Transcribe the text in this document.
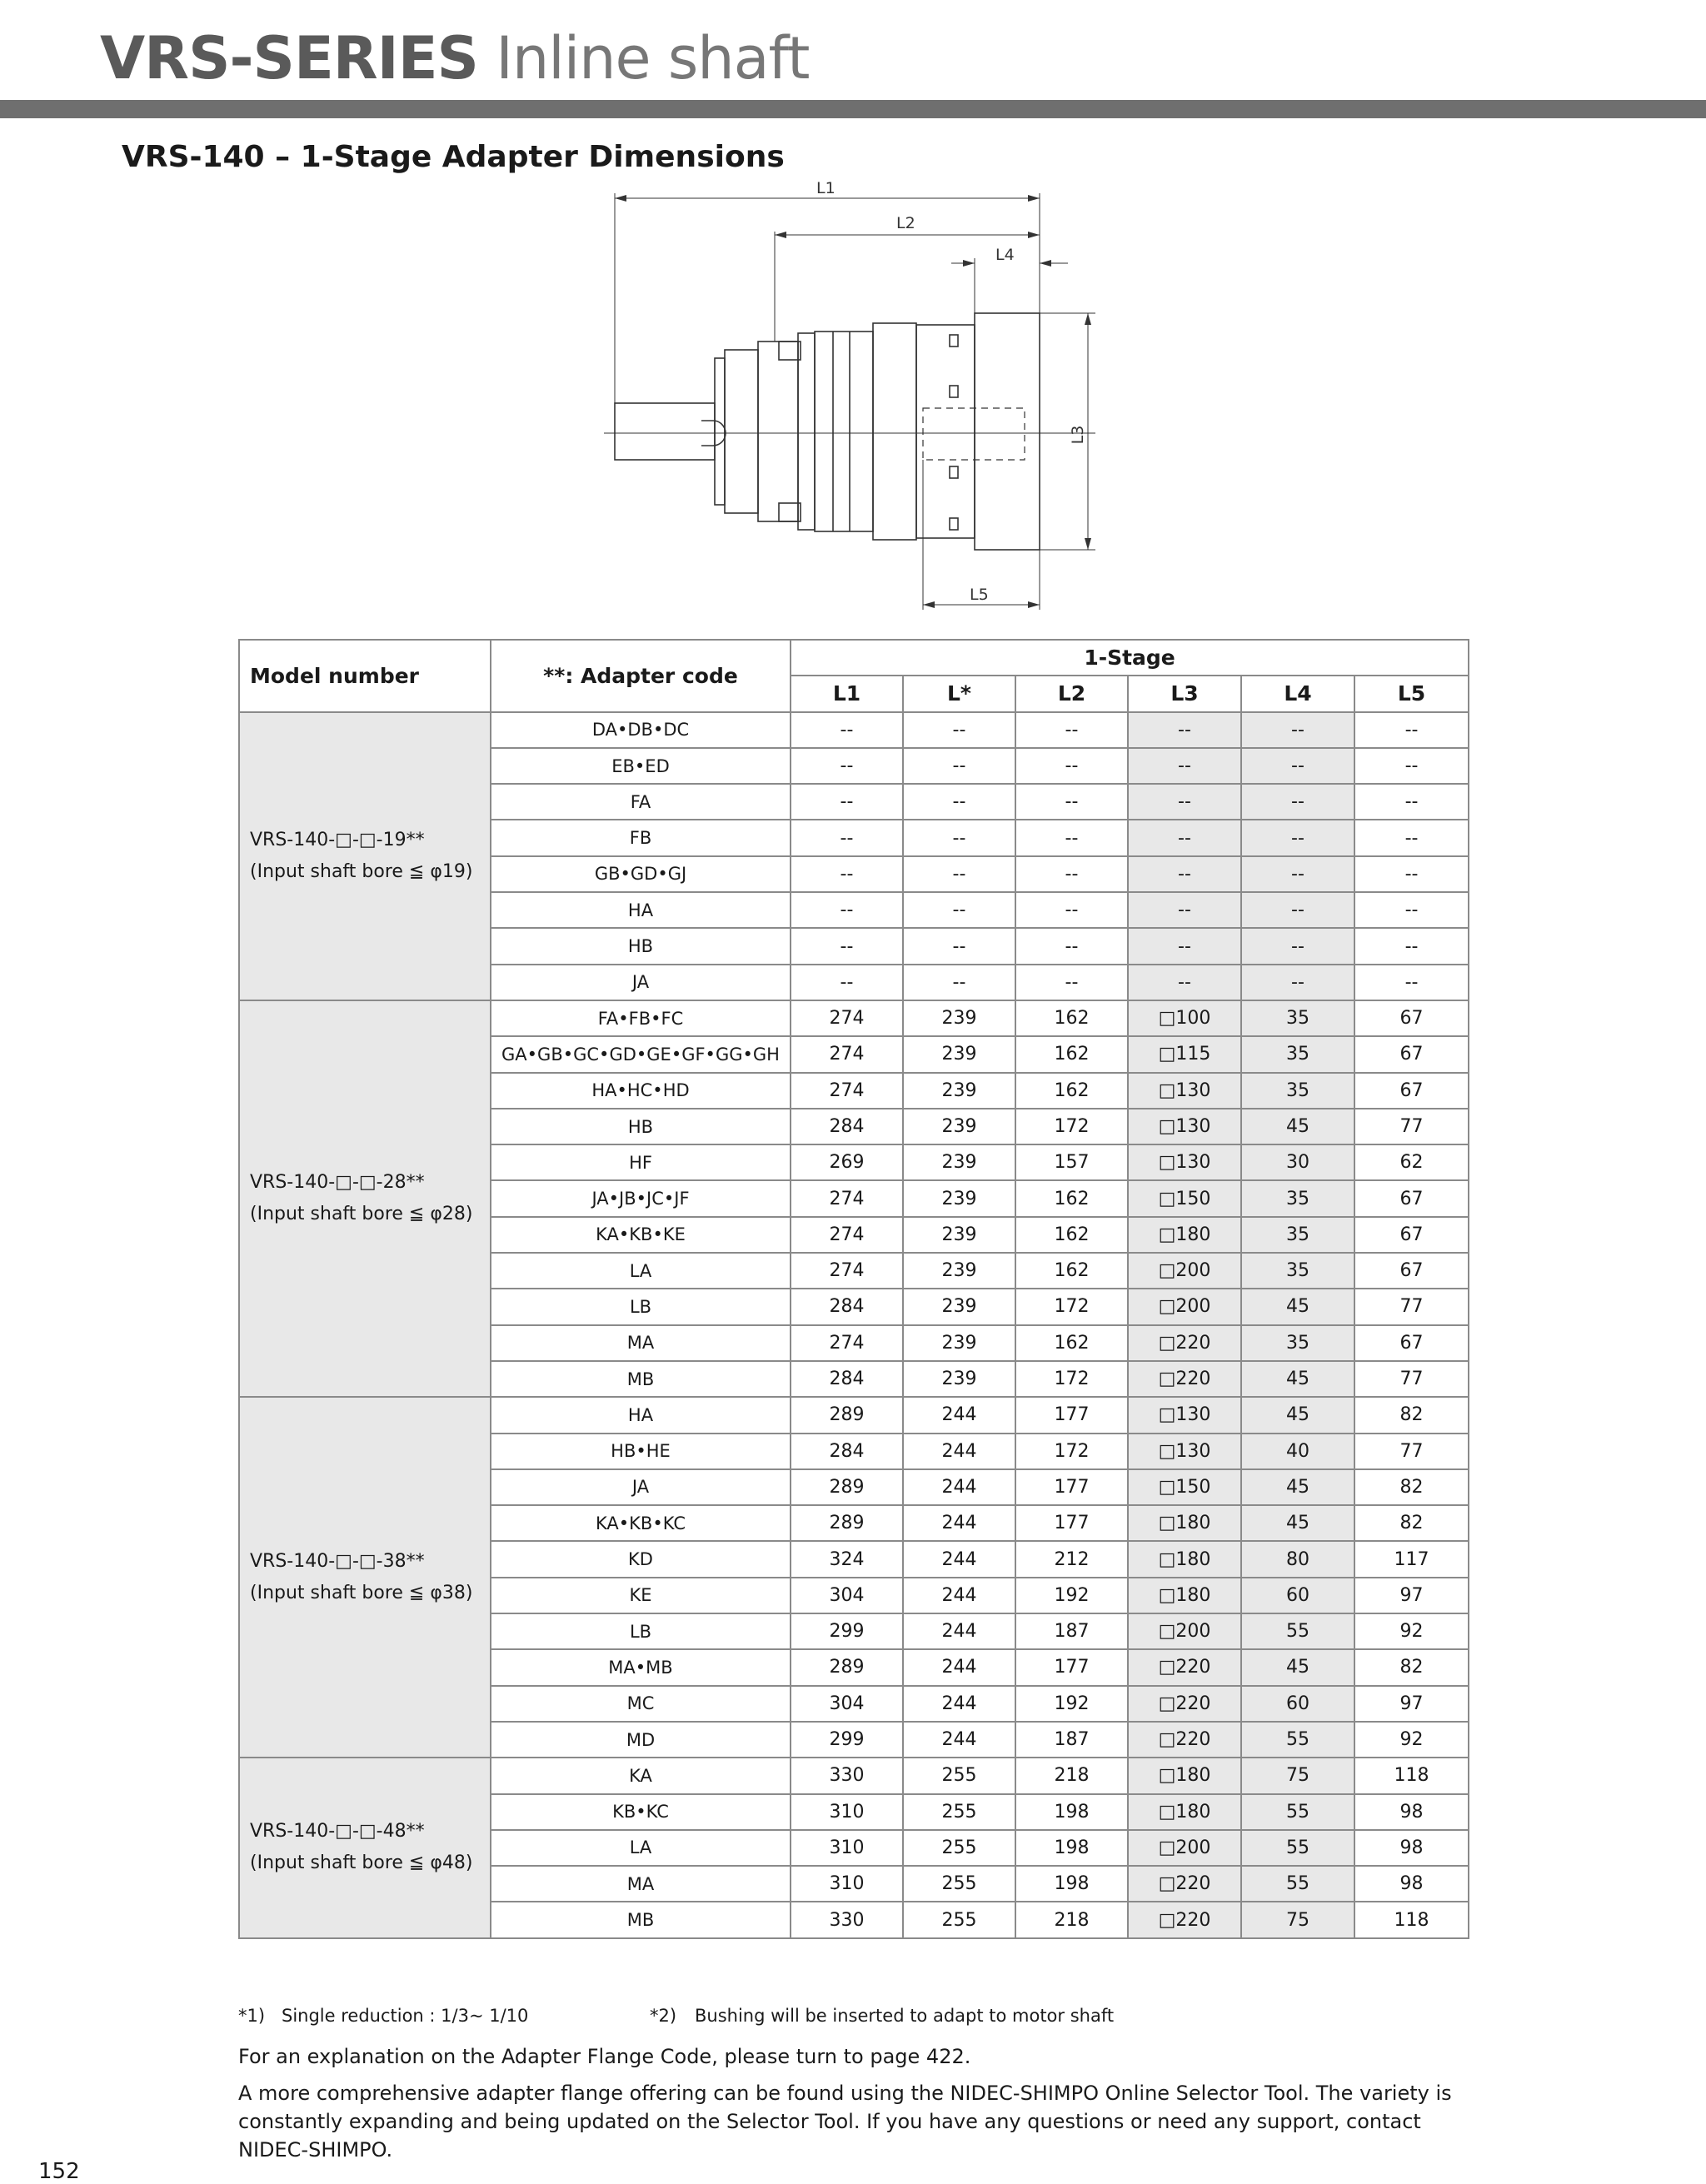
VRS-SERIES Inline shaft
VRS-140 – 1-Stage Adapter Dimensions
L1
L2
L4
L3
L5
Model number	**: Adapter code	1-Stage					
		L1	L*	L2	L3	L4	L5

VRS-140-□-□-19**
(Input shaft bore ≦ φ19)	DA•DB•DC	--	--	--	--	--	--
	EB•ED	--	--	--	--	--	--
	FA	--	--	--	--	--	--
	FB	--	--	--	--	--	--
	GB•GD•GJ	--	--	--	--	--	--
	HA	--	--	--	--	--	--
	HB	--	--	--	--	--	--
	JA	--	--	--	--	--	--

VRS-140-□-□-28**
(Input shaft bore ≦ φ28)	FA•FB•FC	274	239	162	□100	35	67
	GA•GB•GC•GD•GE•GF•GG•GH	274	239	162	□115	35	67
	HA•HC•HD	274	239	162	□130	35	67
	HB	284	239	172	□130	45	77
	HF	269	239	157	□130	30	62
	JA•JB•JC•JF	274	239	162	□150	35	67
	KA•KB•KE	274	239	162	□180	35	67
	LA	274	239	162	□200	35	67
	LB	284	239	172	□200	45	77
	MA	274	239	162	□220	35	67
	MB	284	239	172	□220	45	77

VRS-140-□-□-38**
(Input shaft bore ≦ φ38)	HA	289	244	177	□130	45	82
	HB•HE	284	244	172	□130	40	77
	JA	289	244	177	□150	45	82
	KA•KB•KC	289	244	177	□180	45	82
	KD	324	244	212	□180	80	117
	KE	304	244	192	□180	60	97
	LB	299	244	187	□200	55	92
	MA•MB	289	244	177	□220	45	82
	MC	304	244	192	□220	60	97
	MD	299	244	187	□220	55	92

VRS-140-□-□-48**
(Input shaft bore ≦ φ48)	KA	330	255	218	□180	75	118
	KB•KC	310	255	198	□180	55	98
	LA	310	255	198	□200	55	98
	MA	310	255	198	□220	55	98
	MB	330	255	218	□220	75	118
*1) Single reduction : 1/3~ 1/10	*2) Bushing will be inserted to adapt to motor shaft
For an explanation on the Adapter Flange Code, please turn to page 422.
A more comprehensive adapter flange offering can be found using the NIDEC-SHIMPO Online Selector Tool. The variety is constantly expanding and being updated on the Selector Tool. If you have any questions or need any support, contact NIDEC-SHIMPO.
152
